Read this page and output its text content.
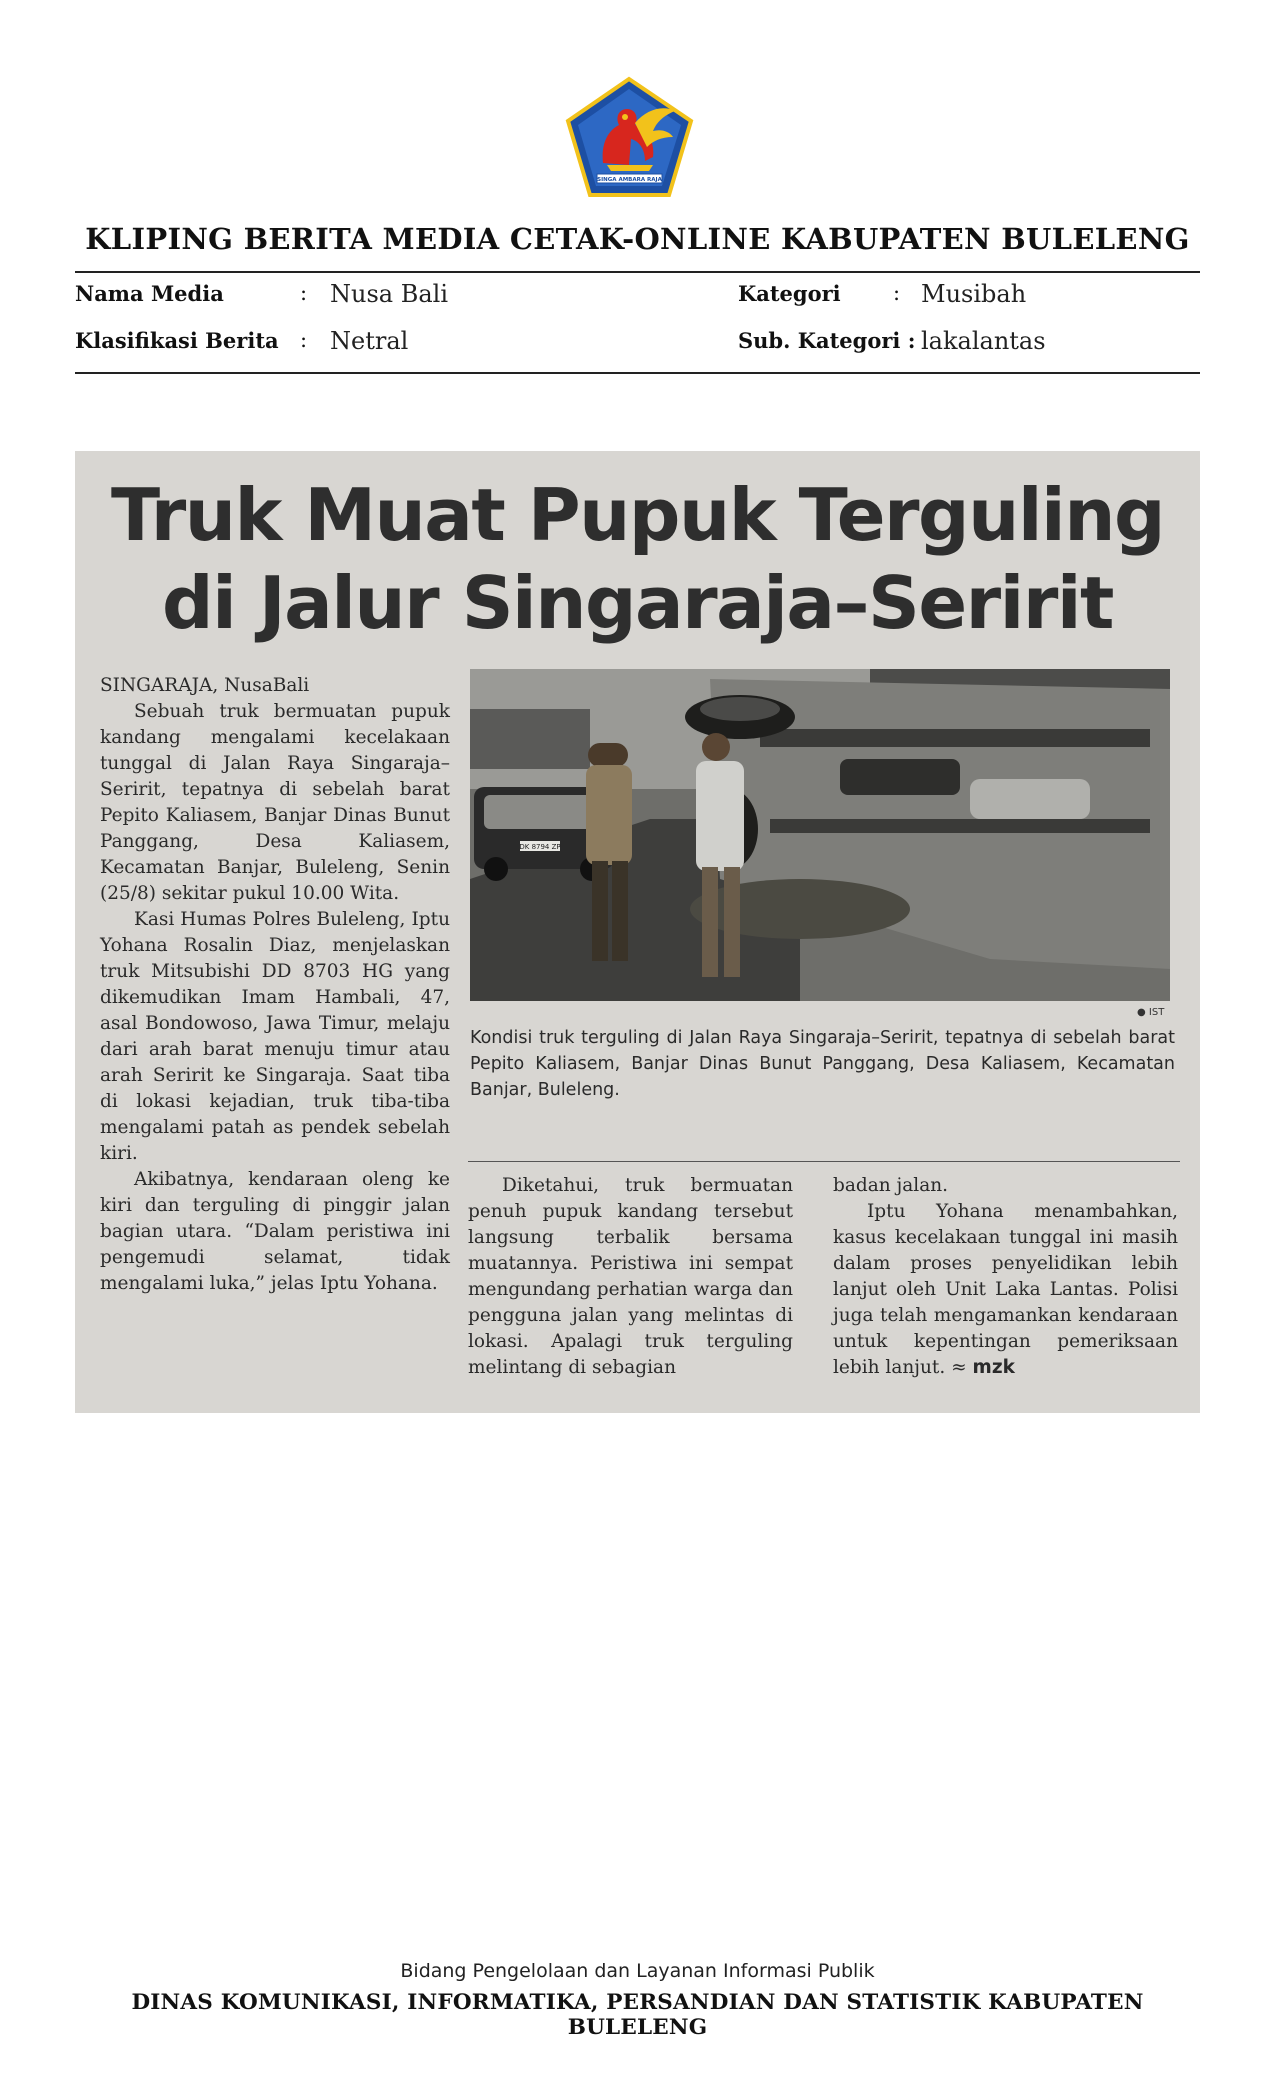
SINGA AMBARA RAJA
KLIPING BERITA MEDIA CETAK-ONLINE KABUPATEN BULELENG
Nama Media	: Nusa Bali	Kategori : Musibah
Klasifikasi Berita : Netral	Sub. Kategori : lakalantas
Truk Muat Pupuk Terguling
di Jalur Singaraja–Seririt

SINGARAJA, NusaBali

Sebuah truk bermuatan pupuk kandang mengalami kecelakaan tunggal di Jalan Raya Singaraja–Seririt, tepatnya di sebelah barat Pepito Kaliasem, Banjar Dinas Bunut Panggang, Desa Kaliasem, Kecamatan Banjar, Buleleng, Senin (25/8) sekitar pukul 10.00 Wita.

Kasi Humas Polres Buleleng, Iptu Yohana Rosalin Diaz, menjelaskan truk Mitsubishi DD 8703 HG yang dikemudikan Imam Hambali, 47, asal Bondowoso, Jawa Timur, melaju dari arah barat menuju timur atau arah Seririt ke Singaraja. Saat tiba di lokasi kejadian, truk tiba-tiba mengalami patah as pendek sebelah kiri.

Akibatnya, kendaraan oleng ke kiri dan terguling di pinggir jalan bagian utara. “Dalam peristiwa ini pengemudi selamat, tidak mengalami luka,” jelas Iptu Yohana.

DK 8794 ZP
● IST
Kondisi truk terguling di Jalan Raya Singaraja–Seririt, tepatnya di sebelah barat Pepito Kaliasem, Banjar Dinas Bunut Panggang, Desa Kaliasem, Kecamatan Banjar, Buleleng.

Diketahui, truk bermuatan penuh pupuk kandang tersebut langsung terbalik bersama muatannya. Peristiwa ini sempat mengundang perhatian warga dan pengguna jalan yang melintas di lokasi. Apalagi truk terguling melintang di sebagian

badan jalan.

Iptu Yohana menambahkan, kasus kecelakaan tunggal ini masih dalam proses penyelidikan lebih lanjut oleh Unit Laka Lantas. Polisi juga telah mengamankan kendaraan untuk kepentingan pemeriksaan lebih lanjut. ≈ mzk

Bidang Pengelolaan dan Layanan Informasi Publik
DINAS KOMUNIKASI, INFORMATIKA, PERSANDIAN DAN STATISTIK KABUPATEN BULELENG
